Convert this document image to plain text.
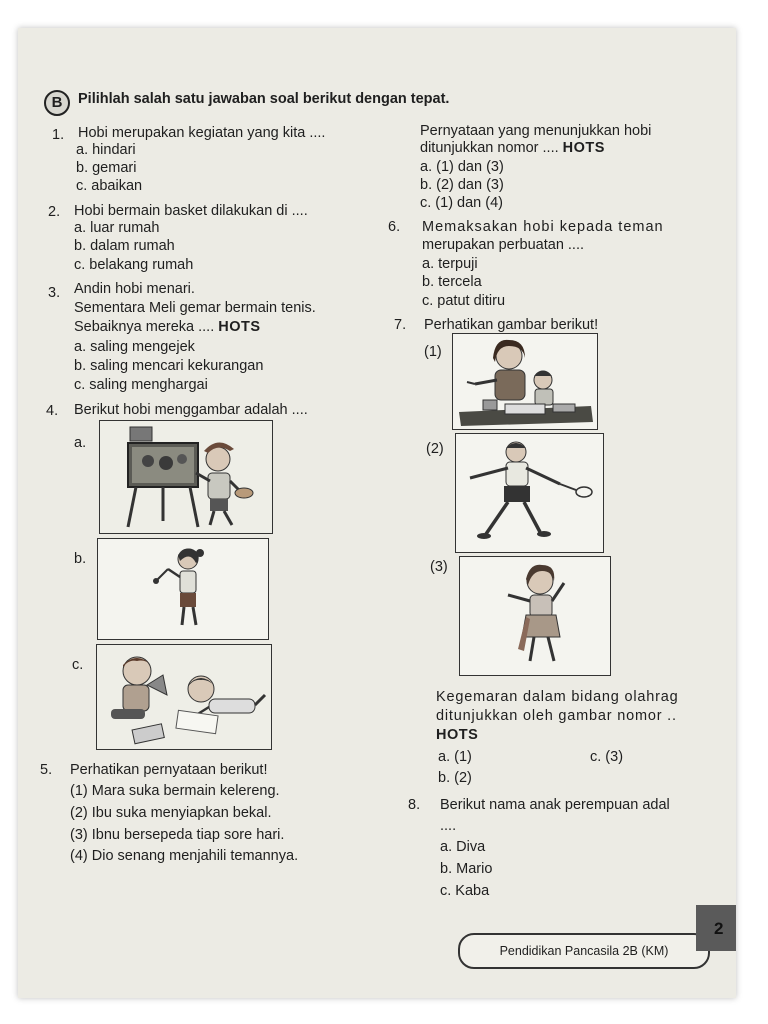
B	Pilihlah salah satu jawaban soal berikut dengan tepat.
1. Hobi merupakan kegiatan yang kita ....
a. hindari
b. gemari
c. abaikan
2. Hobi bermain basket dilakukan di ....
a. luar rumah
b. dalam rumah
c. belakang rumah
3. Andin hobi menari.
Sementara Meli gemar bermain tenis.
Sebaiknya mereka .... HOTS
a. saling mengejek
b. saling mencari kekurangan
c. saling menghargai
4. Berikut hobi menggambar adalah ....
a.
b.
c.
5. Perhatikan pernyataan berikut!
(1) Mara suka bermain kelereng.
(2) Ibu suka menyiapkan bekal.
(3) Ibnu bersepeda tiap sore hari.
(4) Dio senang menjahili temannya.
Pernyataan yang menunjukkan hobi
ditunjukkan nomor .... HOTS
a. (1) dan (3)
b. (2) dan (3)
c. (1) dan (4)
6. Memaksakan hobi kepada teman
merupakan perbuatan ....
a. terpuji
b. tercela
c. patut ditiru
7. Perhatikan gambar berikut!
(1)
(2)
(3)
Kegemaran dalam bidang olahrag
ditunjukkan oleh gambar nomor ..
HOTS
a. (1)	c. (3)
b. (2)
8. Berikut nama anak perempuan adal
....
a. Diva
b. Mario
c. Kaba
Pendidikan Pancasila 2B (KM)
2
